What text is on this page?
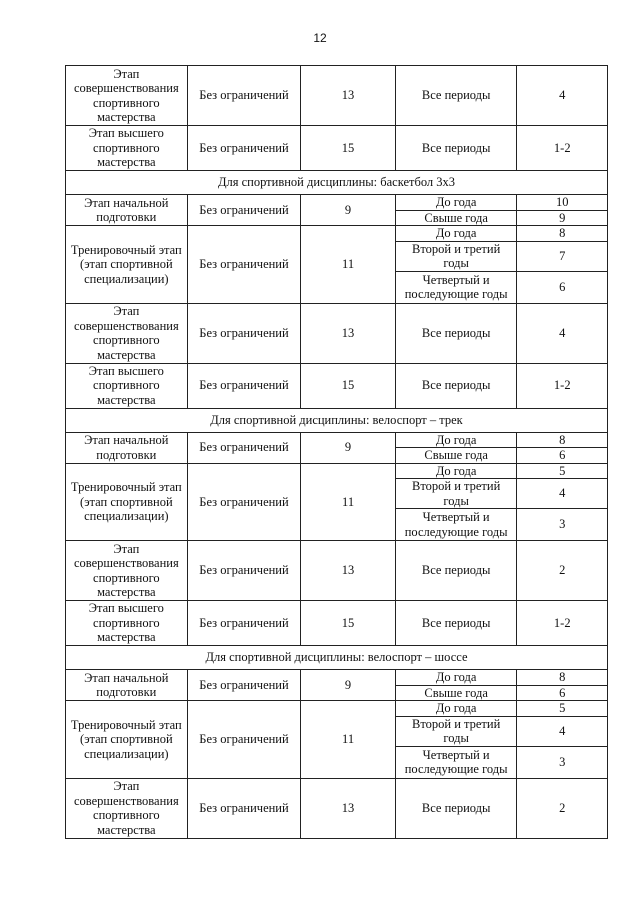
12
Этап
совершенствования
спортивного
мастерства	Без ограничений	13	Все периоды	4
Этап высшего
спортивного
мастерства	Без ограничений	15	Все периоды	1-2
Для спортивной дисциплины: баскетбол 3x3				
Этап начальной
подготовки	Без ограничений	9	До года	10
			Свыше года	9
Тренировочный этап
(этап спортивной
специализации)	Без ограничений	11	До года	8
			Второй и третий годы	7
			Четвертый и
последующие годы	6
Этап
совершенствования
спортивного
мастерства	Без ограничений	13	Все периоды	4
Этап высшего
спортивного
мастерства	Без ограничений	15	Все периоды	1-2
Для спортивной дисциплины: велоспорт – трек				
Этап начальной
подготовки	Без ограничений	9	До года	8
			Свыше года	6
Тренировочный этап
(этап спортивной
специализации)	Без ограничений	11	До года	5
			Второй и третий годы	4
			Четвертый и
последующие годы	3
Этап
совершенствования
спортивного
мастерства	Без ограничений	13	Все периоды	2
Этап высшего
спортивного
мастерства	Без ограничений	15	Все периоды	1-2
Для спортивной дисциплины: велоспорт – шоссе				
Этап начальной
подготовки	Без ограничений	9	До года	8
			Свыше года	6
Тренировочный этап
(этап спортивной
специализации)	Без ограничений	11	До года	5
			Второй и третий годы	4
			Четвертый и
последующие годы	3
Этап
совершенствования
спортивного
мастерства	Без ограничений	13	Все периоды	2
